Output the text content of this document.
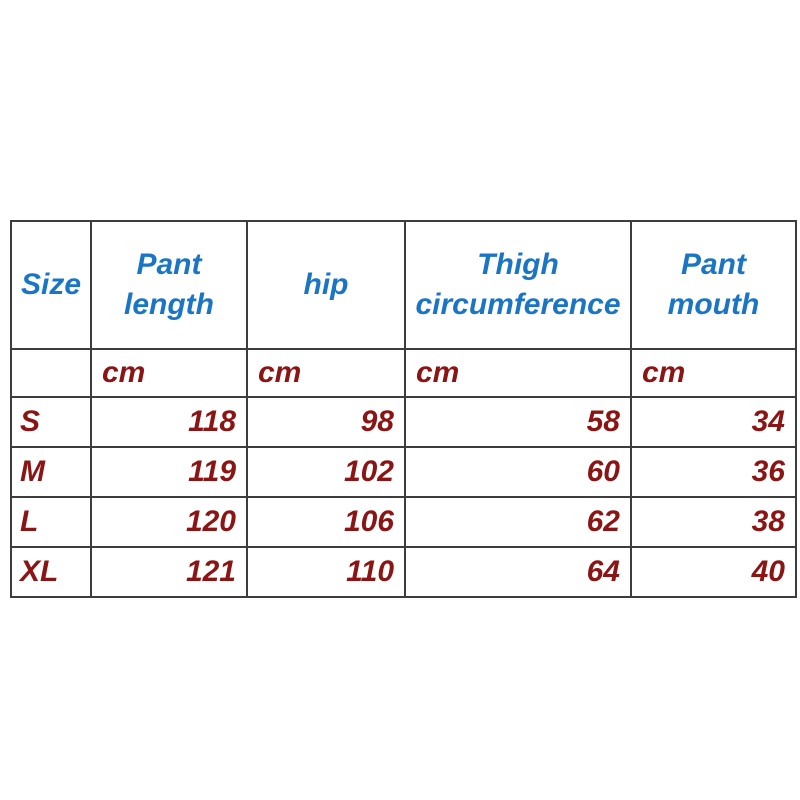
Size	Pant length	hip	Thigh circumference	Pant mouth
	cm	cm	cm	cm
S	118	98	58	34
M	119	102	60	36
L	120	106	62	38
XL	121	110	64	40
